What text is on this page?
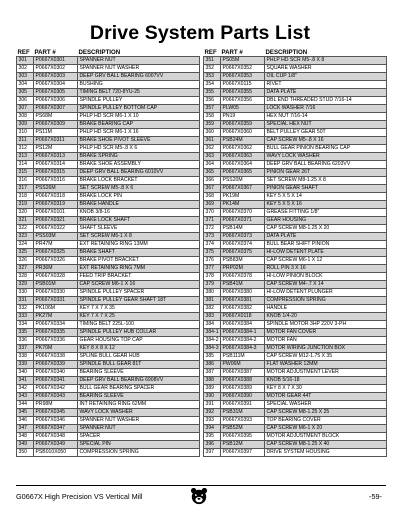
Drive System Parts List
REF	PART #	DESCRIPTION
301	P0667X0301	SPANNER NUT
302	P0667X0302	SPANNER NUT WASHER
303	P0667X0303	DEEP GRV BALL BEARING 6007VV
304	P0667X0304	BUSHING
305	P0667X0305	TIMING BELT 720-8YU-25
306	P0667X0306	SPINDLE PULLEY
307	P0667X0307	SPINDLE PULLEY BOTTOM CAP
308	PS68M	PHLP HD SCR M6-1 X 10
309	P0667X0309	BRAKE BEARING CAP
310	PS11M	PHLP HD SCR M6-1 X 16
311	P0667X0311	BRAKE SHOE PIVOT SLEEVE
312	PS12M	PHLP HD SCR M5-.8 X 6
313	P0667X0313	BRAKE SPRING
314	P0667X0314	BRAKE SHOE ASSEMBLY
315	P0667X0315	DEEP GRV BALL BEARING 6010VV
316	P0667X0316	BRAKE LOCK BRACKET
317	PSS26M	SET SCREW M5-.8 X 6
318	P0667X0318	BRAKE LOCK PIN
319	P0667X0319	BRAKE HANDLE
320	P0667X0101	KNOB 3/8-16
321	P0667X0321	BRAKE LOCK SHAFT
322	P0667X0322	SHAFT SLEEVE
323	PSS03M	SET SCREW M6-1 X 8
324	PR47M	EXT RETAINING RING 13MM
325	P0667X0325	BRAKE SHAFT
326	P0667X0326	BRAKE PIVOT BRACKET
327	PR36M	EXT RETAINING RING 7MM
328	P0667X0328	FEED TRIP BRACKET
329	PSB01M	CAP SCREW M6-1 X 16
330	P0667X0330	SPINDLE PULLEY SPACER
331	P0667X0331	SPINDLE PULLEY GEAR SHAFT 18T
332	PK106M	KEY 7 X 7 X 35
333	PK27M	KEY 7 X 7 X 25
334	P0667X0334	TIMING BELT 225L-100
335	P0667X0335	SPINDLE PULLEY HUB COLLAR
336	P0667X0336	GEAR HOUSING TOP CAP
337	PK70M	KEY 8 X 8 X 12
338	P0667X0338	SPLINE BULL GEAR HUB
339	P0667X0339	SPINDLE BULL GEAR 81T
340	P0667X0340	BEARING SLEEVE
341	P0667X0341	DEEP GRV BALL BEARING 6908VV
342	P0667X0342	BULL GEAR BEARING SPACER
343	P0667X0343	BEARING SLEEVE
344	PR98M	INT RETAINING RING 62MM
345	P0667X0345	WAVY LOCK WASHER
346	P0667X0346	SPANNER NUT WASHER
347	P0667X0347	SPANNER NUT
348	P0667X0348	SPACER
349	P0667X0349	SPECIAL PIN
350	PSB010X050	COMPRESSION SPRING
REF	PART #	DESCRIPTION
351	PS05M	PHLP HD SCR M5-.8 X 8
352	P0667X0352	SQUARE WASHER
353	P0667X0353	OIL CUP 1/8"
354	P0667X0115	RIVET
355	P0667X0355	DATA PLATE
356	P0667X0356	DBL END THREADED STUD 7/16-14
357	PLW05	LOCK WASHER 7/16
358	PN19	HEX NUT 7/16-14
359	P0667X0359	SPECIAL HEX NUT
360	P0667X0360	BELT PULLEY GEAR 50T
361	PSB24M	CAP SCREW M5-.8 X 16
362	P0667X0362	BULL GEAR PINION BEARING CAP
363	P0667X0363	WAVY LOCK WASHER
364	P0667X0364	DEEP GRV BALL BEARING 6203VV
365	P0667X0365	PINION GEAR 26T
366	PSS20M	SET SCREW M8-1.25 X 8
367	P0667X0367	PINION GEAR SHAFT
368	PK19M	KEY 5 X 5 X 14
369	PK14M	KEY 5 X 5 X 16
370	P0667X0370	GREASE FITTING 1/8"
371	P0667X0371	GEAR HOUSING
372	PSB14M	CAP SCREW M8-1.25 X 20
373	P0667X0373	DATA PLATE
374	P0667X0374	BULL BEAR SHIFT PINION
375	P0667X0375	HI-LOW DETENT PLATE
376	PSB83M	CAP SCREW M6-1 X 12
377	PRP02M	ROLL PIN 3 X 16
378	P0667X0378	HI-LOW PINION BLOCK
379	PSB41M	CAP SCREW M4-.7 X 14
380	P0667X0380	HI-LOW DETENT PLUNGER
381	P0667X0381	COMPRESSION SPRING
382	P0667X0382	HANDLE
383	P0667X0118	KNOB 1/4-20
384	P0667X0384	SPINDLE MOTOR 3HP 220V 3-PH
384-1	P0667X0384-1	MOTOR FAN COVER
384-2	P0667X0384-2	MOTOR FAN
384-3	P0667X0384-3	MOTOR WIRING JUNCTION BOX
385	PSB111M	CAP SCREW M12-1.75 X 35
386	PW06M	FLAT WASHER 12MM
387	P0667X0387	MOTOR ADJUSTMENT LEVER
388	P0667X0388	KNOB 5/16-18
389	P0667X0389	KEY 8 X 7 X 30
390	P0667X0390	MOTOR GEAR 44T
391	P0667X0391	SPECIAL WASHER
392	PSB31M	CAP SCREW M8-1.25 X 25
393	P0667X0393	TOP BEARING COVER
394	PSB52M	CAP SCREW M6-1 X 20
395	P0667X0395	MOTOR ADJUSTMENT BLOCK
396	PSB12M	CAP SCREW M8-1.25 X 40
397	P0667X0397	DRIVE SYSTEM HOUSING
G0667X High Precision VS Vertical Mill	-59-
